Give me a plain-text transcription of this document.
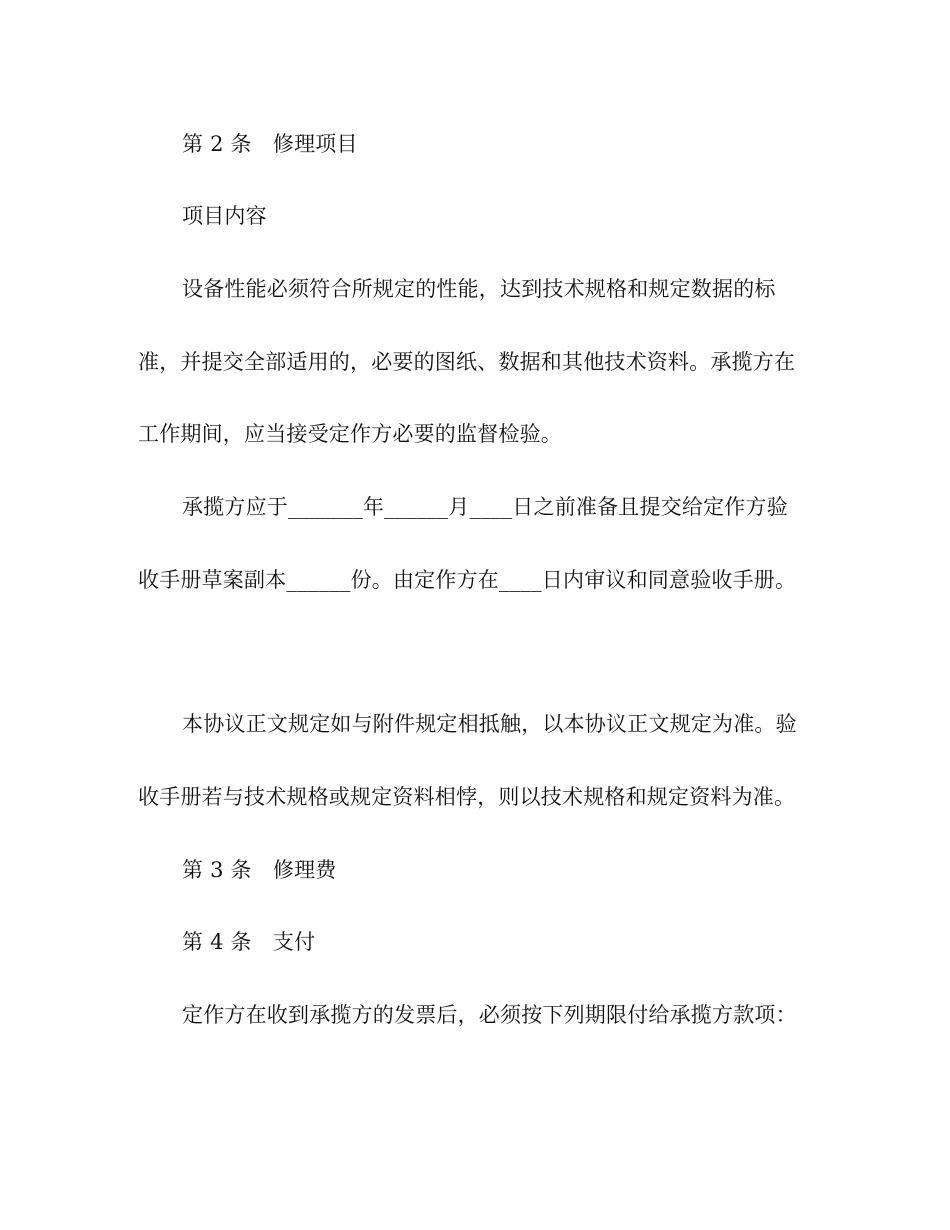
第 2 条　修理项目
项目内容
设备性能必须符合所规定的性能，达到技术规格和规定数据的标
准，并提交全部适用的，必要的图纸、数据和其他技术资料。承揽方在
工作期间，应当接受定作方必要的监督检验。
承揽方应于_______年______月____日之前准备且提交给定作方验
收手册草案副本______份。由定作方在____日内审议和同意验收手册。
本协议正文规定如与附件规定相抵触，以本协议正文规定为准。验
收手册若与技术规格或规定资料相悖，则以技术规格和规定资料为准。
第 3 条　修理费
第 4 条　支付
定作方在收到承揽方的发票后，必须按下列期限付给承揽方款项：
